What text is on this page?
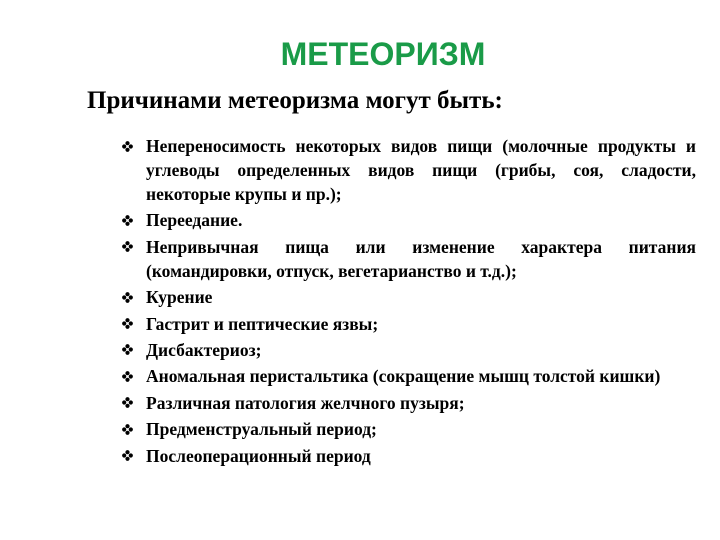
МЕТЕОРИЗМ

Причинами метеоризма могут быть:

Непереносимость некоторых видов пищи (молочные продукты и углеводы определенных видов пищи (грибы, соя, сладости, некоторые крупы и пр.);
Переедание.
Непривычная пища или изменение характера питания (командировки, отпуск, вегетарианство и т.д.);
Курение
Гастрит и пептические язвы;
Дисбактериоз;
Аномальная перистальтика (сокращение мышц толстой кишки)
Различная патология желчного пузыря;
Предменструальный период;
Послеоперационный период
